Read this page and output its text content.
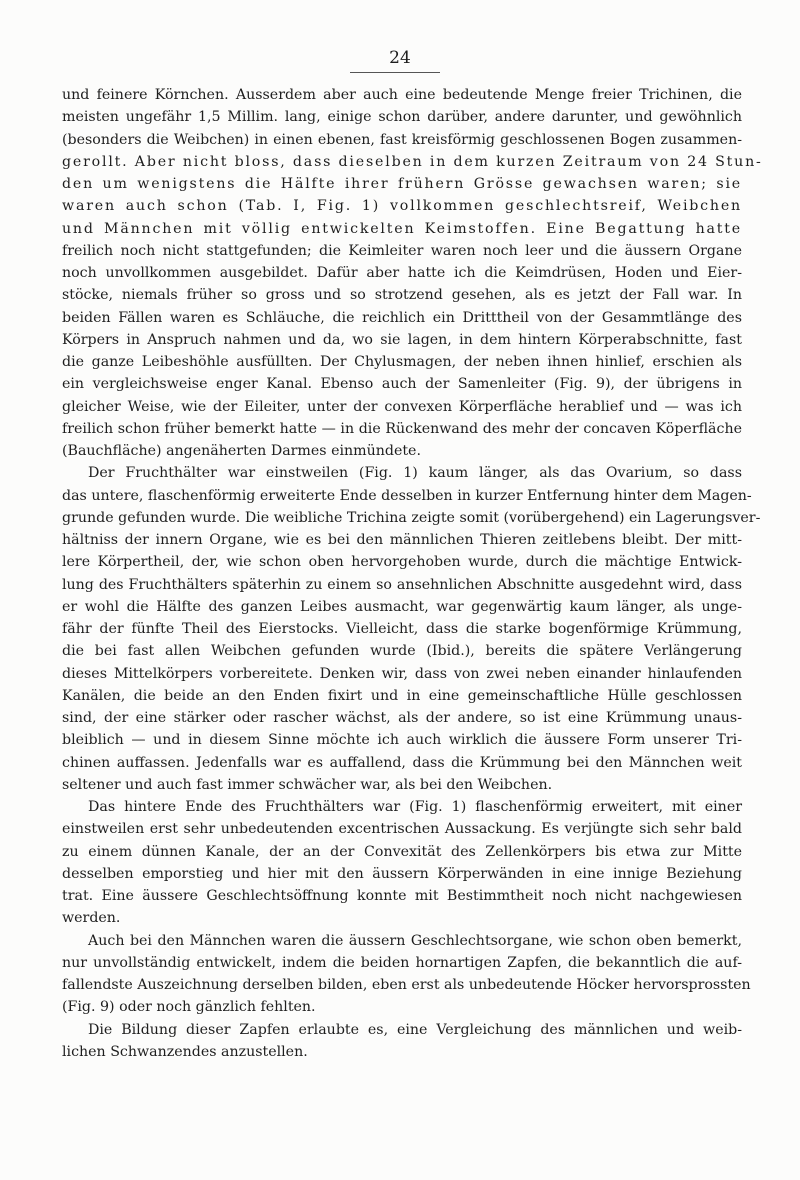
24
und feinere Körnchen. Ausserdem aber auch eine bedeutende Menge freier Trichinen, die
meisten ungefähr 1,5 Millim. lang, einige schon darüber, andere darunter, und gewöhnlich
(besonders die Weibchen) in einen ebenen, fast kreisförmig geschlossenen Bogen zusammen-
gerollt. Aber nicht bloss, dass dieselben in dem kurzen Zeitraum von 24 Stun-
den um wenigstens die Hälfte ihrer frühern Grösse gewachsen waren; sie
waren auch schon (Tab. I, Fig. 1) vollkommen geschlechtsreif, Weibchen
und Männchen mit völlig entwickelten Keimstoffen. Eine Begattung hatte
freilich noch nicht stattgefunden; die Keimleiter waren noch leer und die äussern Organe
noch unvollkommen ausgebildet. Dafür aber hatte ich die Keimdrüsen, Hoden und Eier-
stöcke, niemals früher so gross und so strotzend gesehen, als es jetzt der Fall war. In
beiden Fällen waren es Schläuche, die reichlich ein Dritttheil von der Gesammtlänge des
Körpers in Anspruch nahmen und da, wo sie lagen, in dem hintern Körperabschnitte, fast
die ganze Leibeshöhle ausfüllten. Der Chylusmagen, der neben ihnen hinlief, erschien als
ein vergleichsweise enger Kanal. Ebenso auch der Samenleiter (Fig. 9), der übrigens in
gleicher Weise, wie der Eileiter, unter der convexen Körperfläche herablief und — was ich
freilich schon früher bemerkt hatte — in die Rückenwand des mehr der concaven Köperfläche
(Bauchfläche) angenäherten Darmes einmündete.
Der Fruchthälter war einstweilen (Fig. 1) kaum länger, als das Ovarium, so dass
das untere, flaschenförmig erweiterte Ende desselben in kurzer Entfernung hinter dem Magen-
grunde gefunden wurde. Die weibliche Trichina zeigte somit (vorübergehend) ein Lagerungsver-
hältniss der innern Organe, wie es bei den männlichen Thieren zeitlebens bleibt. Der mitt-
lere Körpertheil, der, wie schon oben hervorgehoben wurde, durch die mächtige Entwick-
lung des Fruchthälters späterhin zu einem so ansehnlichen Abschnitte ausgedehnt wird, dass
er wohl die Hälfte des ganzen Leibes ausmacht, war gegenwärtig kaum länger, als unge-
fähr der fünfte Theil des Eierstocks. Vielleicht, dass die starke bogenförmige Krümmung,
die bei fast allen Weibchen gefunden wurde (Ibid.), bereits die spätere Verlängerung
dieses Mittelkörpers vorbereitete. Denken wir, dass von zwei neben einander hinlaufenden
Kanälen, die beide an den Enden fixirt und in eine gemeinschaftliche Hülle geschlossen
sind, der eine stärker oder rascher wächst, als der andere, so ist eine Krümmung unaus-
bleiblich — und in diesem Sinne möchte ich auch wirklich die äussere Form unserer Tri-
chinen auffassen. Jedenfalls war es auffallend, dass die Krümmung bei den Männchen weit
seltener und auch fast immer schwächer war, als bei den Weibchen.
Das hintere Ende des Fruchthälters war (Fig. 1) flaschenförmig erweitert, mit einer
einstweilen erst sehr unbedeutenden excentrischen Aussackung. Es verjüngte sich sehr bald
zu einem dünnen Kanale, der an der Convexität des Zellenkörpers bis etwa zur Mitte
desselben emporstieg und hier mit den äussern Körperwänden in eine innige Beziehung
trat. Eine äussere Geschlechtsöffnung konnte mit Bestimmtheit noch nicht nachgewiesen
werden.
Auch bei den Männchen waren die äussern Geschlechtsorgane, wie schon oben bemerkt,
nur unvollständig entwickelt, indem die beiden hornartigen Zapfen, die bekanntlich die auf-
fallendste Auszeichnung derselben bilden, eben erst als unbedeutende Höcker hervorsprossten
(Fig. 9) oder noch gänzlich fehlten.
Die Bildung dieser Zapfen erlaubte es, eine Vergleichung des männlichen und weib-
lichen Schwanzendes anzustellen.
